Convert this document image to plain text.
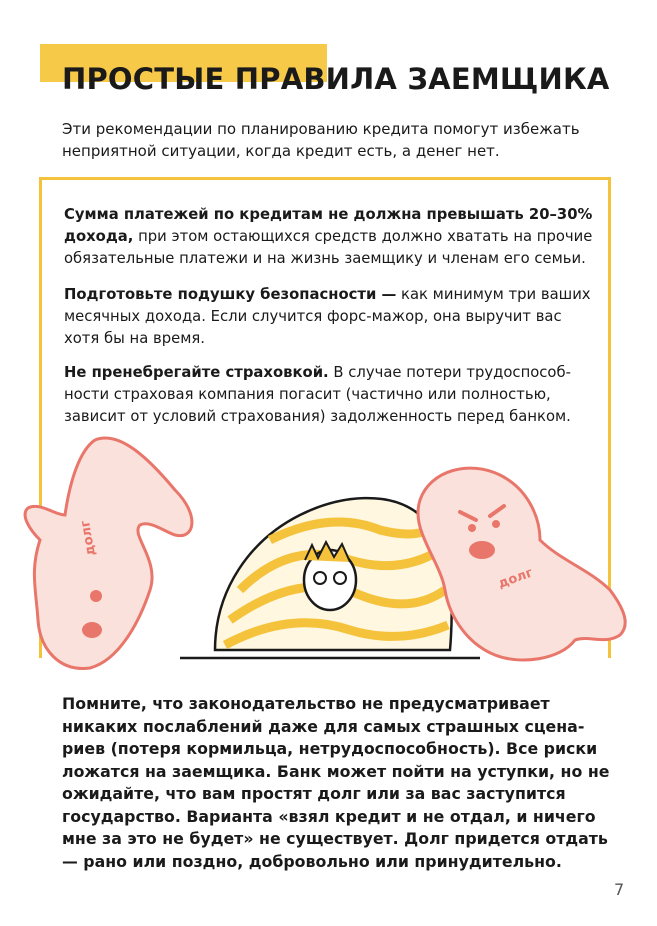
ПРОСТЫЕ ПРАВИЛА ЗАЕМЩИКА

Эти рекомендации по планированию кредита помогут избежать неприятной ситуации, когда кредит есть, а денег нет.

Сумма платежей по кредитам не должна превышать 20–30% дохода, при этом остающихся средств должно хватать на прочие обязательные платежи и на жизнь заемщику и членам его семьи.

Подготовьте подушку безопасности — как минимум три ваших месячных дохода. Если случится форс-мажор, она выручит вас хотя бы на время.

Не пренебрегайте страховкой. В случае потери трудоспособ-ности страховая компания погасит (частично или полностью, зависит от условий страхования) задолженность перед банком.

долг
долг

Помните, что законодательство не предусматривает никаких послаблений даже для самых страшных сцена-риев (потеря кормильца, нетрудоспособность). Все риски ложатся на заемщика. Банк может пойти на уступки, но не ожидайте, что вам простят долг или за вас заступится государство. Варианта «взял кредит и не отдал, и ничего мне за это не будет» не существует. Долг придется отдать — рано или поздно, добровольно или принудительно.

7
